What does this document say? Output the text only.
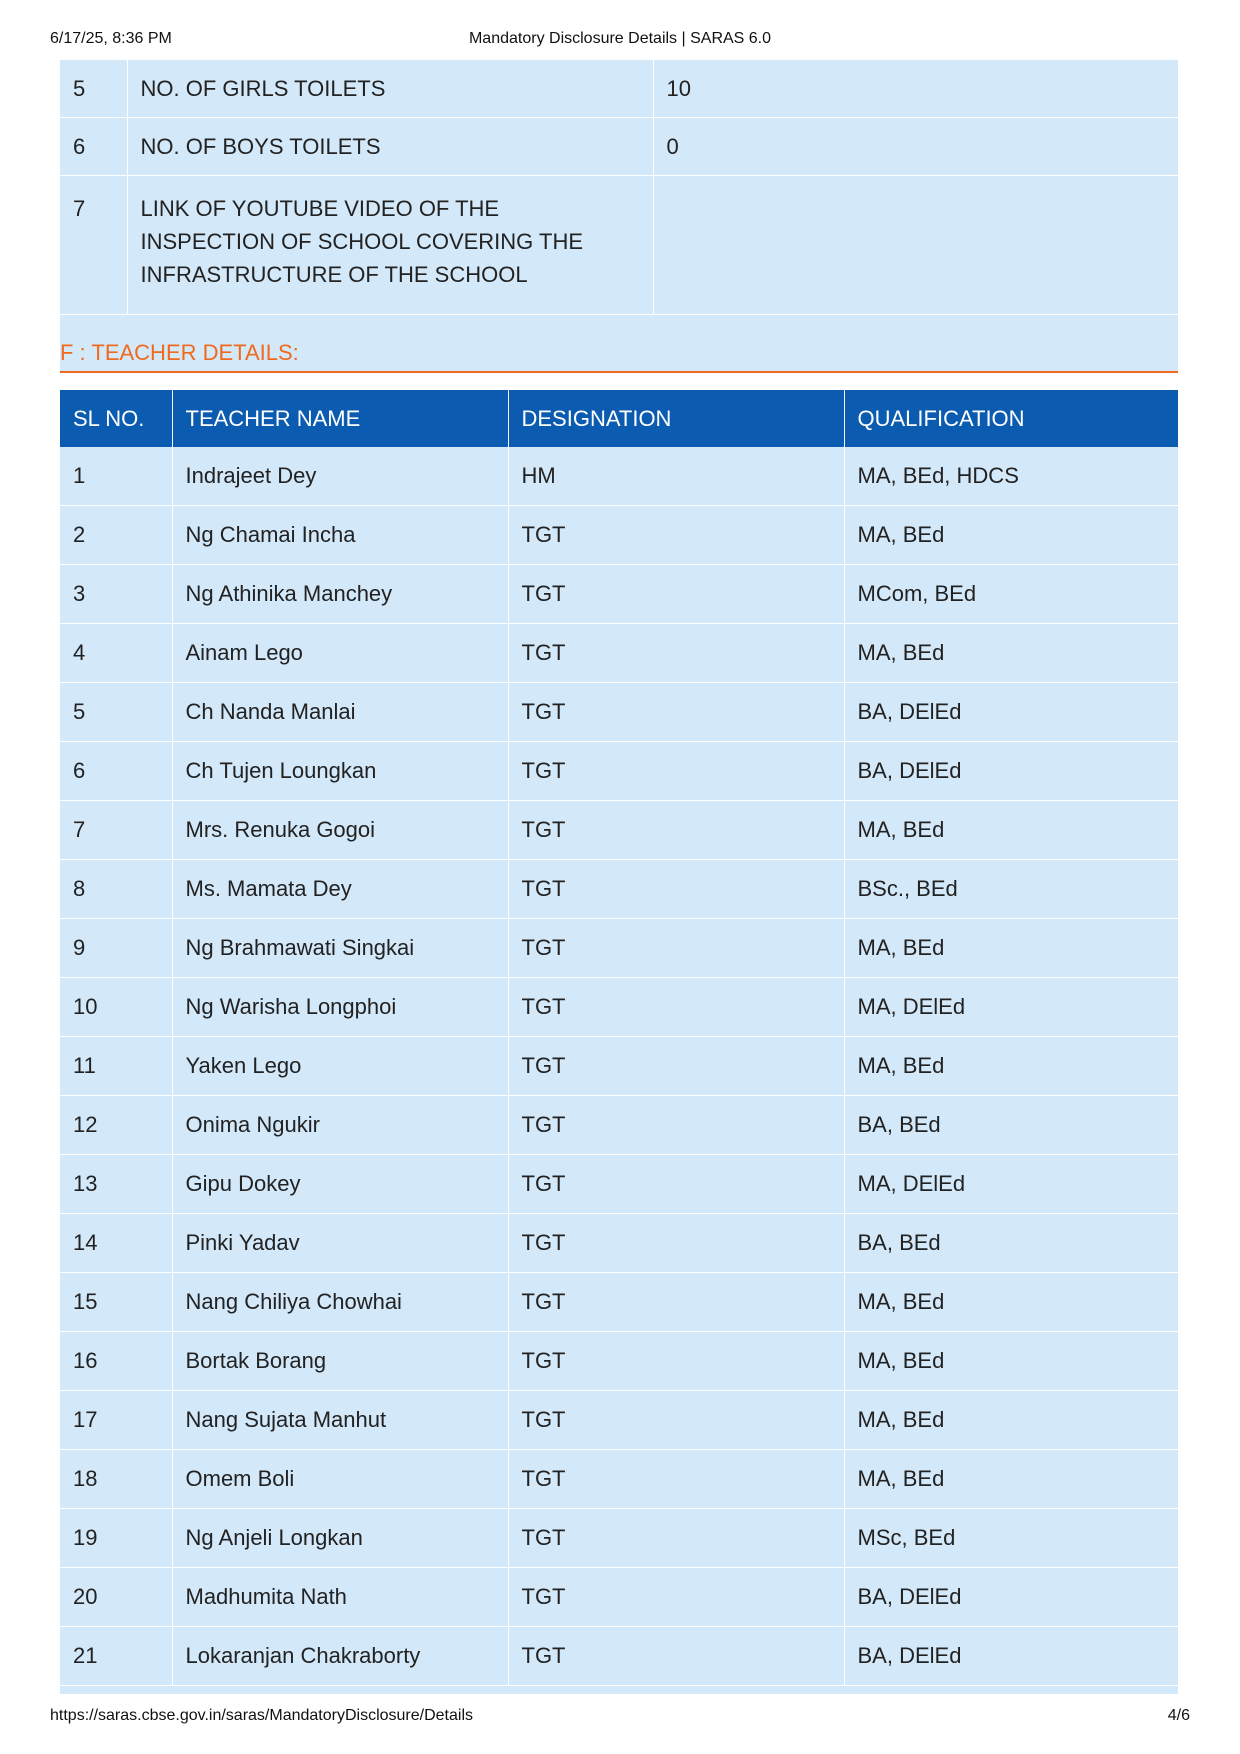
6/17/25, 8:36 PM	Mandatory Disclosure Details | SARAS 6.0
5	NO. OF GIRLS TOILETS	10
6	NO. OF BOYS TOILETS	0
7	LINK OF YOUTUBE VIDEO OF THE INSPECTION OF SCHOOL COVERING THE INFRASTRUCTURE OF THE SCHOOL	
F : TEACHER DETAILS:
SL NO.	TEACHER NAME	DESIGNATION	QUALIFICATION
1	Indrajeet Dey	HM	MA, BEd, HDCS
2	Ng Chamai Incha	TGT	MA, BEd
3	Ng Athinika Manchey	TGT	MCom, BEd
4	Ainam Lego	TGT	MA, BEd
5	Ch Nanda Manlai	TGT	BA, DElEd
6	Ch Tujen Loungkan	TGT	BA, DElEd
7	Mrs. Renuka Gogoi	TGT	MA, BEd
8	Ms. Mamata Dey	TGT	BSc., BEd
9	Ng Brahmawati Singkai	TGT	MA, BEd
10	Ng Warisha Longphoi	TGT	MA, DElEd
11	Yaken Lego	TGT	MA, BEd
12	Onima Ngukir	TGT	BA, BEd
13	Gipu Dokey	TGT	MA, DElEd
14	Pinki Yadav	TGT	BA, BEd
15	Nang Chiliya Chowhai	TGT	MA, BEd
16	Bortak Borang	TGT	MA, BEd
17	Nang Sujata Manhut	TGT	MA, BEd
18	Omem Boli	TGT	MA, BEd
19	Ng Anjeli Longkan	TGT	MSc, BEd
20	Madhumita Nath	TGT	BA, DElEd
21	Lokaranjan Chakraborty	TGT	BA, DElEd
https://saras.cbse.gov.in/saras/MandatoryDisclosure/Details	4/6
